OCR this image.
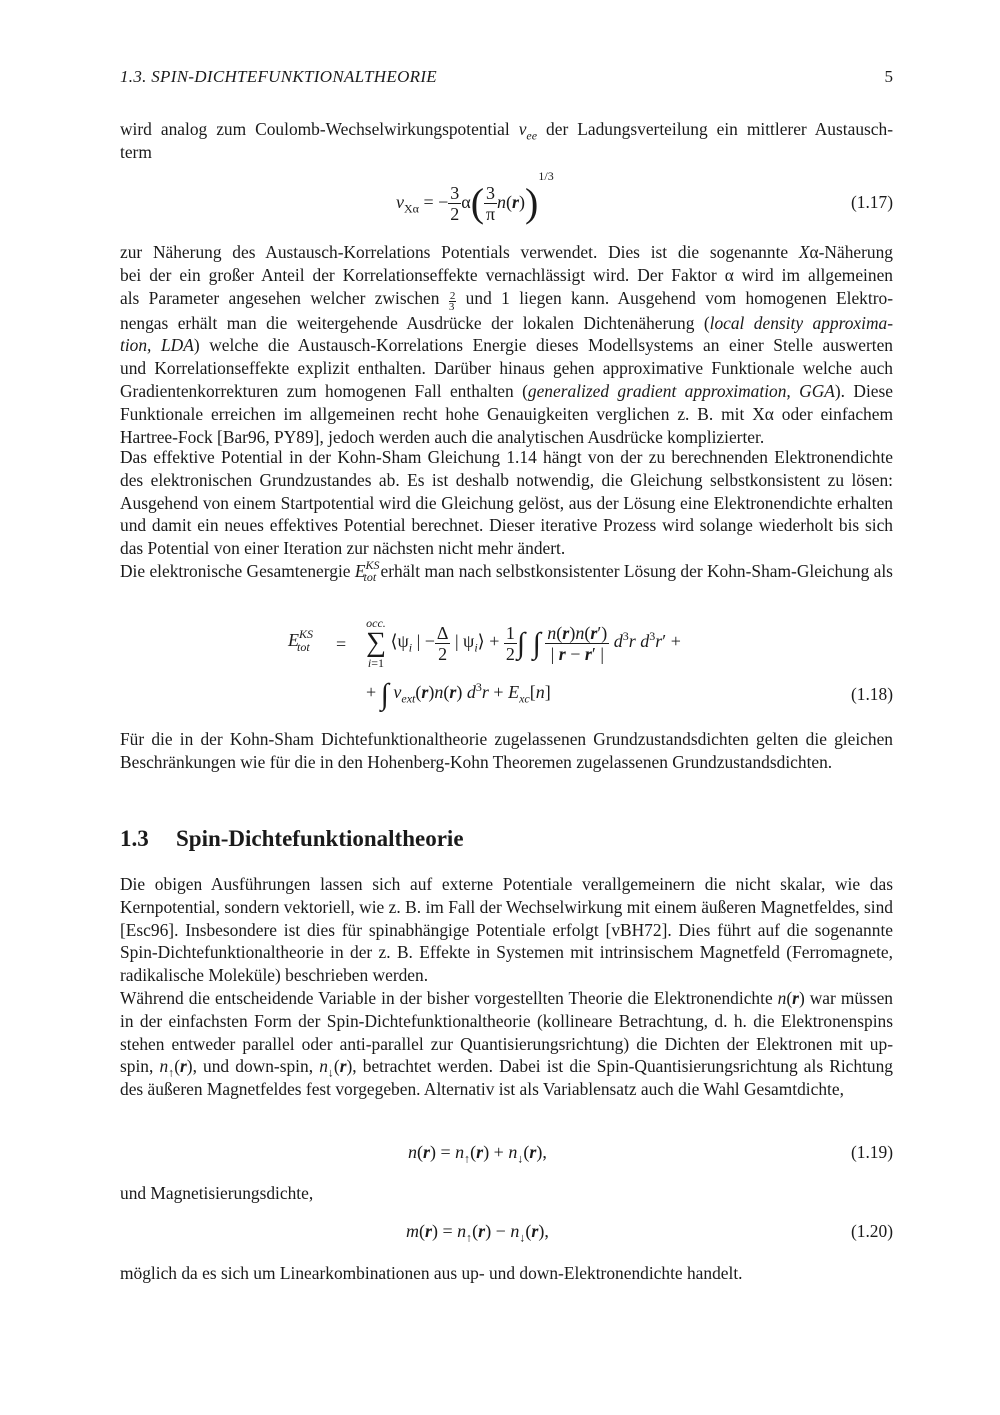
1.3. SPIN-DICHTEFUNKTIONALTHEORIE	5

wird analog zum Coulomb-Wechselwirkungspotential $v_{ee}$ der Ladungsverteilung ein mittlerer Austausch-

term

$v_{X\alpha}$ = − $\frac{3}{2} \alpha( \frac{3}{\pi} n(r))^{1/3}$
(1.17)

zur Näherung des Austausch-Korrelations Potentials verwendet. Dies ist die sogenannte Xα-Näherung

bei der ein großer Anteil der Korrelationseffekte vernachlässigt wird. Der Faktor α wird im allgemeinen

als Parameter angesehen welcher zwischen $\frac{2}{3}$ und 1 liegen kann. Ausgehend vom homogenen Elektro-

nengas erhält man die weitergehende Ausdrücke der lokalen Dichtenäherung (local density approxima-

tion, LDA) welche die Austausch-Korrelations Energie dieses Modellsystems an einer Stelle auswerten

und Korrelationseffekte explizit enthalten. Darüber hinaus gehen approximative Funktionale welche auch

Gradientenkorrekturen zum homogenen Fall enthalten (generalized gradient approximation, GGA). Diese

Funktionale erreichen im allgemeinen recht hohe Genauigkeiten verglichen z. B. mit Xα oder einfachem

Hartree-Fock [Bar96, PY89], jedoch werden auch die analytischen Ausdrücke komplizierter.

Das effektive Potential in der Kohn-Sham Gleichung 1.14 hängt von der zu berechnenden Elektronendichte des elektronischen Grundzustandes ab. Es ist deshalb notwendig, die Gleichung selbstkonsistent zu lösen: Ausgehend von einem Startpotential wird die Gleichung gelöst, aus der Lösung eine Elektronendichte erhalten und damit ein neues effektives Potential berechnet. Dieser iterative Prozess wird solange wiederholt bis sich das Potential von einer Iteration zur nächsten nicht mehr ändert.

Die elektronische Gesamtenergie $E^{KS}_{tot}$ erhält man nach selbstkonsistenter Lösung der Kohn-Sham-Gleichung als

$E^{KS}_{tot}$ =
occ.
∑
i=1 $⟨\psi_i$ | − $\frac{\Delta}{2}$ | $\psi_i⟩ + \frac{1}{2}$ ∫ ∫ $\frac{n(r)n(r')}{| r - r' |} d^3r$ $d^3r'$ +
+ ∫ $v_{ext}(r)n(r) d^3r + E_{xc}[n]$	(1.18)

Für die in der Kohn-Sham Dichtefunktionaltheorie zugelassenen Grundzustandsdichten gelten die gleichen Beschränkungen wie für die in den Hohenberg-Kohn Theoremen zugelassenen Grundzustandsdichten.

1.3 Spin-Dichtefunktionaltheorie

Die obigen Ausführungen lassen sich auf externe Potentiale verallgemeinern die nicht skalar, wie das Kernpotential, sondern vektoriell, wie z. B. im Fall der Wechselwirkung mit einem äußeren Magnetfeldes, sind [Esc96]. Insbesondere ist dies für spinabhängige Potentiale erfolgt [vBH72]. Dies führt auf die sogenannte Spin-Dichtefunktionaltheorie in der z. B. Effekte in Systemen mit intrinsischem Magnetfeld (Ferromagnete, radikalische Moleküle) beschrieben werden.

Während die entscheidende Variable in der bisher vorgestellten Theorie die Elektronendichte n(r) war müssen in der einfachsten Form der Spin-Dichtefunktionaltheorie (kollineare Betrachtung, d. h. die Elektronenspins stehen entweder parallel oder anti-parallel zur Quantisierungsrichtung) die Dichten der Elektronen mit up-spin, $n_↑(r)$, und down-spin, $n_↓(r)$, betrachtet werden. Dabei ist die Spin-Quantisierungsrichtung als Richtung des äußeren Magnetfeldes fest vorgegeben. Alternativ ist als Variablensatz auch die Wahl Gesamtdichte,

$n(r) = n_↑(r) + n_↓(r)$,	(1.19)

und Magnetisierungsdichte,

$m(r) = n_↑(r) - n_↓(r)$,	(1.20)

möglich da es sich um Linearkombinationen aus up- und down-Elektronendichte handelt.
